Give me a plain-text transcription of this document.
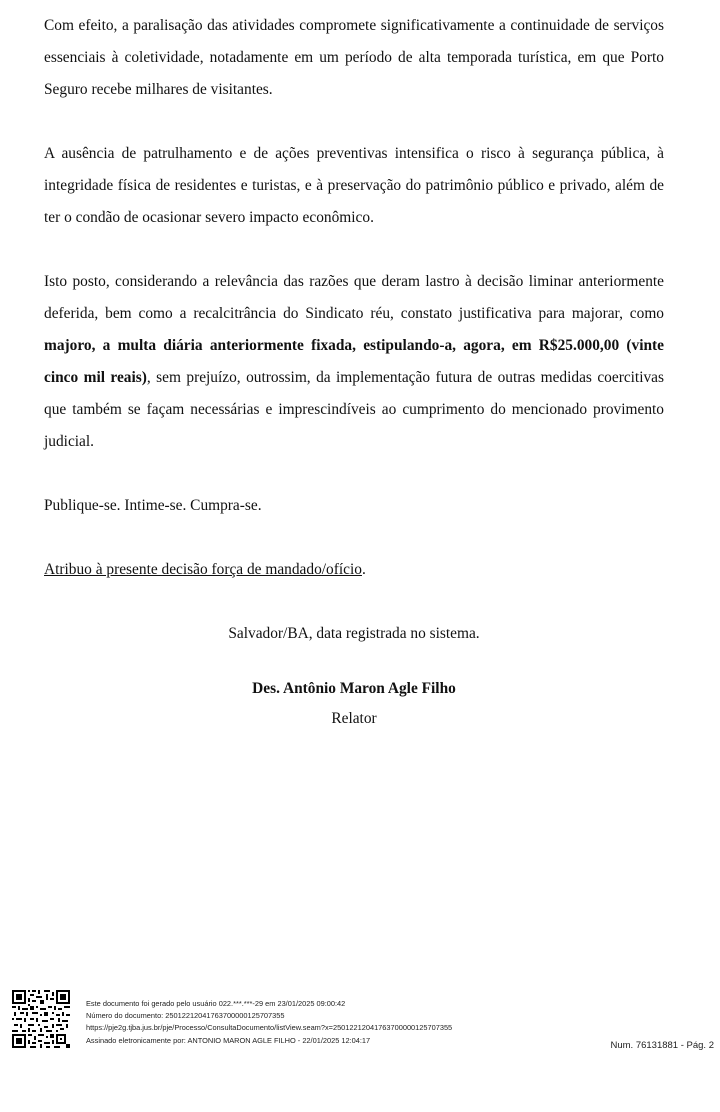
Com efeito, a paralisação das atividades compromete significativamente a continuidade de serviços essenciais à coletividade, notadamente em um período de alta temporada turística, em que Porto Seguro recebe milhares de visitantes.

A ausência de patrulhamento e de ações preventivas intensifica o risco à segurança pública, à integridade física de residentes e turistas, e à preservação do patrimônio público e privado, além de ter o condão de ocasionar severo impacto econômico.

Isto posto, considerando a relevância das razões que deram lastro à decisão liminar anteriormente deferida, bem como a recalcitrância do Sindicato réu, constato justificativa para majorar, como majoro, a multa diária anteriormente fixada, estipulando-a, agora, em R$25.000,00 (vinte cinco mil reais), sem prejuízo, outrossim, da implementação futura de outras medidas coercitivas que também se façam necessárias e imprescindíveis ao cumprimento do mencionado provimento judicial.

Publique-se. Intime-se. Cumpra-se.

Atribuo à presente decisão força de mandado/ofício.

Salvador/BA, data registrada no sistema.

Des. Antônio Maron Agle Filho

Relator

Este documento foi gerado pelo usuário 022.***.***-29 em 23/01/2025 09:00:42
Número do documento: 25012212041763700000125707355
https://pje2g.tjba.jus.br/pje/Processo/ConsultaDocumento/listView.seam?x=25012212041763700000125707355
Assinado eletronicamente por: ANTONIO MARON AGLE FILHO - 22/01/2025 12:04:17	Num. 76131881 - Pág. 2
